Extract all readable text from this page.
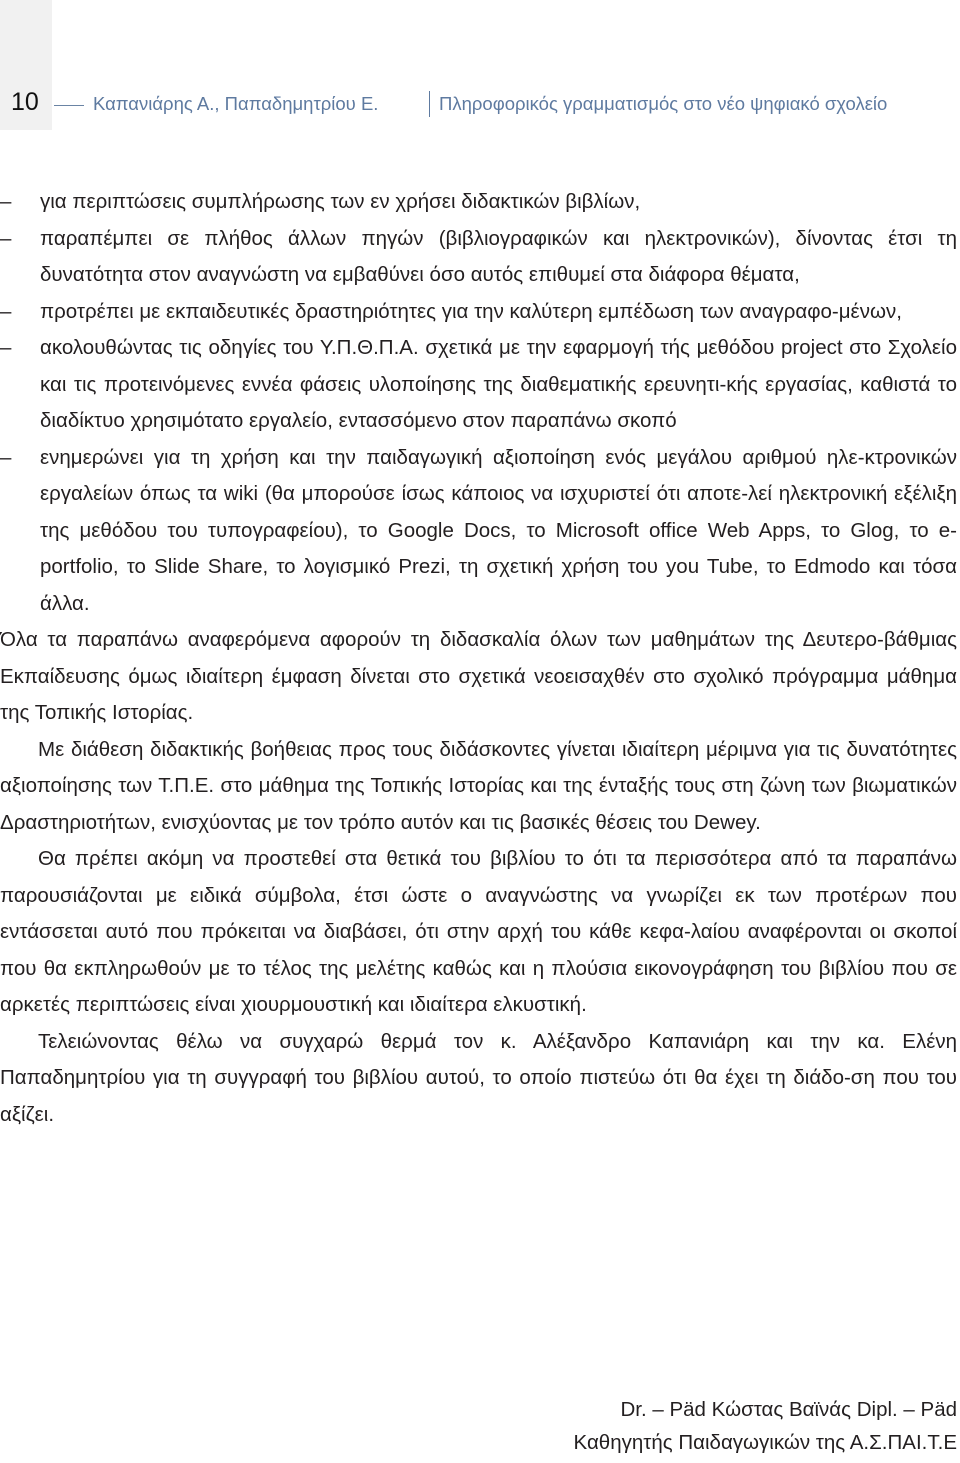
10	Καπανιάρης Α., Παπαδημητρίου Ε.	Πληροφορικός γραμματισμός στο νέο ψηφιακό σχολείο
–	για περιπτώσεις συμπλήρωσης των εν χρήσει διδακτικών βιβλίων,
–	παραπέμπει σε πλήθος άλλων πηγών (βιβλιογραφικών και ηλεκτρονικών), δίνοντας έτσι τη δυνατότητα στον αναγνώστη να εμβαθύνει όσο αυτός επιθυμεί στα διάφορα θέματα,
–	προτρέπει με εκπαιδευτικές δραστηριότητες για την καλύτερη εμπέδωση των αναγραφο-μένων,
–	ακολουθώντας τις οδηγίες του Υ.Π.Θ.Π.Α. σχετικά με την εφαρμογή τής μεθόδου project στο Σχολείο και τις προτεινόμενες εννέα φάσεις υλοποίησης της διαθεματικής ερευνητι-κής εργασίας, καθιστά το διαδίκτυο χρησιμότατο εργαλείο, εντασσόμενο στον παραπάνω σκοπό
–	ενημερώνει για τη χρήση και την παιδαγωγική αξιοποίηση ενός μεγάλου αριθμού ηλε-κτρονικών εργαλείων όπως τα wiki (θα μπορούσε ίσως κάποιος να ισχυριστεί ότι αποτε-λεί ηλεκτρονική εξέλιξη της μεθόδου του τυπογραφείου), το Google Docs, το Microsoft office Web Apps, το Glog, το e-portfolio, το Slide Share, το λογισμικό Prezi, τη σχετική χρήση του you Tube, το Edmodo και τόσα άλλα.

Όλα τα παραπάνω αναφερόμενα αφορούν τη διδασκαλία όλων των μαθημάτων της Δευτερο-βάθμιας Εκπαίδευσης όμως ιδιαίτερη έμφαση δίνεται στο σχετικά νεοεισαχθέν στο σχολικό πρόγραμμα μάθημα της Τοπικής Ιστορίας.

Με διάθεση διδακτικής βοήθειας προς τους διδάσκοντες γίνεται ιδιαίτερη μέριμνα για τις δυνατότητες αξιοποίησης των Τ.Π.Ε. στο μάθημα της Τοπικής Ιστορίας και της ένταξής τους στη ζώνη των βιωματικών Δραστηριοτήτων, ενισχύοντας με τον τρόπο αυτόν και τις βασικές θέσεις του Dewey.

Θα πρέπει ακόμη να προστεθεί στα θετικά του βιβλίου το ότι τα περισσότερα από τα παραπάνω παρουσιάζονται με ειδικά σύμβολα, έτσι ώστε ο αναγνώστης να γνωρίζει εκ των προτέρων που εντάσσεται αυτό που πρόκειται να διαβάσει, ότι στην αρχή του κάθε κεφα-λαίου αναφέρονται οι σκοποί που θα εκπληρωθούν με το τέλος της μελέτης καθώς και η πλούσια εικονογράφηση του βιβλίου που σε αρκετές περιπτώσεις είναι χιουρμουστική και ιδιαίτερα ελκυστική.

Τελειώνοντας θέλω να συγχαρώ θερμά τον κ. Αλέξανδρο Καπανιάρη και την κα. Ελένη Παπαδημητρίου για τη συγγραφή του βιβλίου αυτού, το οποίο πιστεύω ότι θα έχει τη διάδο-ση που του αξίζει.

Dr. – Päd Κώστας Βαϊνάς Dipl. – Päd
Καθηγητής Παιδαγωγικών της Α.Σ.ΠΑΙ.Τ.Ε
